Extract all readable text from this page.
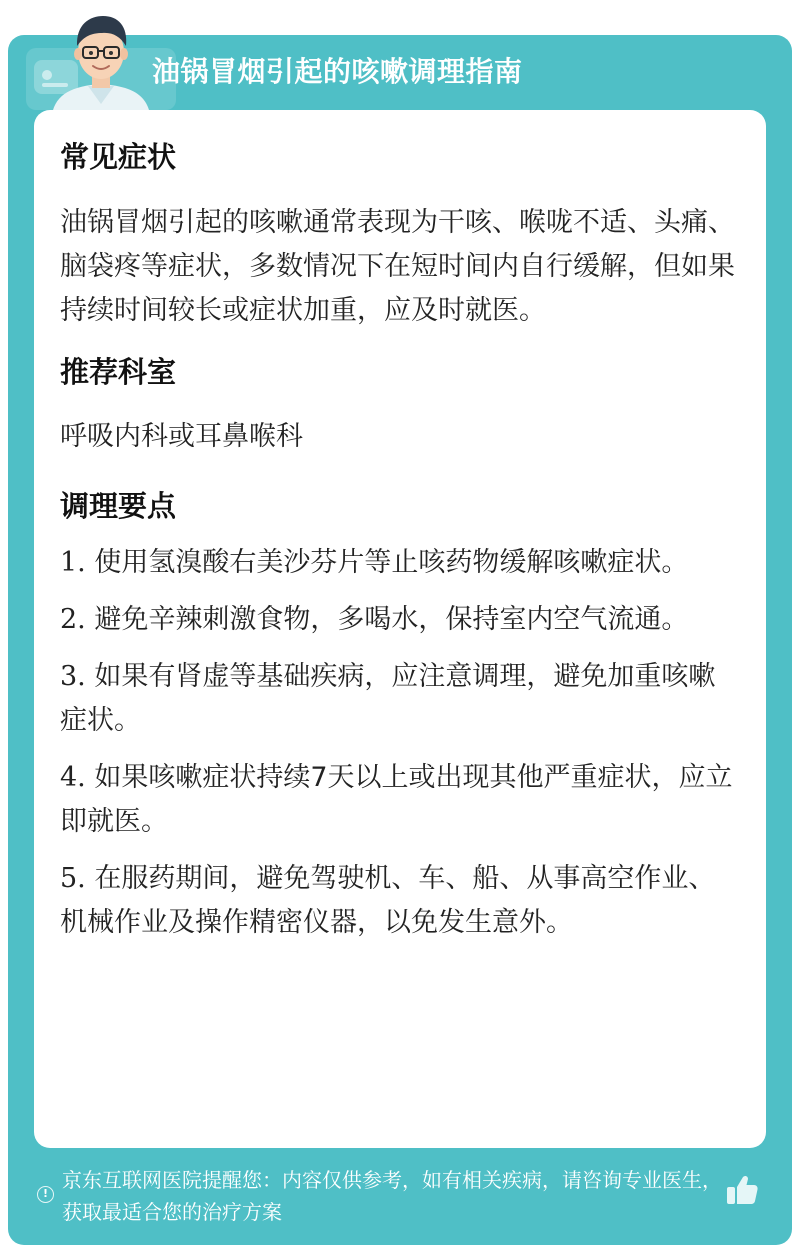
油锅冒烟引起的咳嗽调理指南
常见症状

油锅冒烟引起的咳嗽通常表现为干咳、喉咙不适、头痛、脑袋疼等症状，多数情况下在短时间内自行缓解，但如果持续时间较长或症状加重，应及时就医。

推荐科室

呼吸内科或耳鼻喉科

调理要点
1. 使用氢溴酸右美沙芬片等止咳药物缓解咳嗽症状。
2. 避免辛辣刺激食物，多喝水，保持室内空气流通。
3. 如果有肾虚等基础疾病，应注意调理，避免加重咳嗽症状。
4. 如果咳嗽症状持续7天以上或出现其他严重症状，应立即就医。
5. 在服药期间，避免驾驶机、车、船、从事高空作业、机械作业及操作精密仪器，以免发生意外。
!

京东互联网医院提醒您：内容仅供参考，如有相关疾病，请咨询专业医生，获取最适合您的治疗方案
